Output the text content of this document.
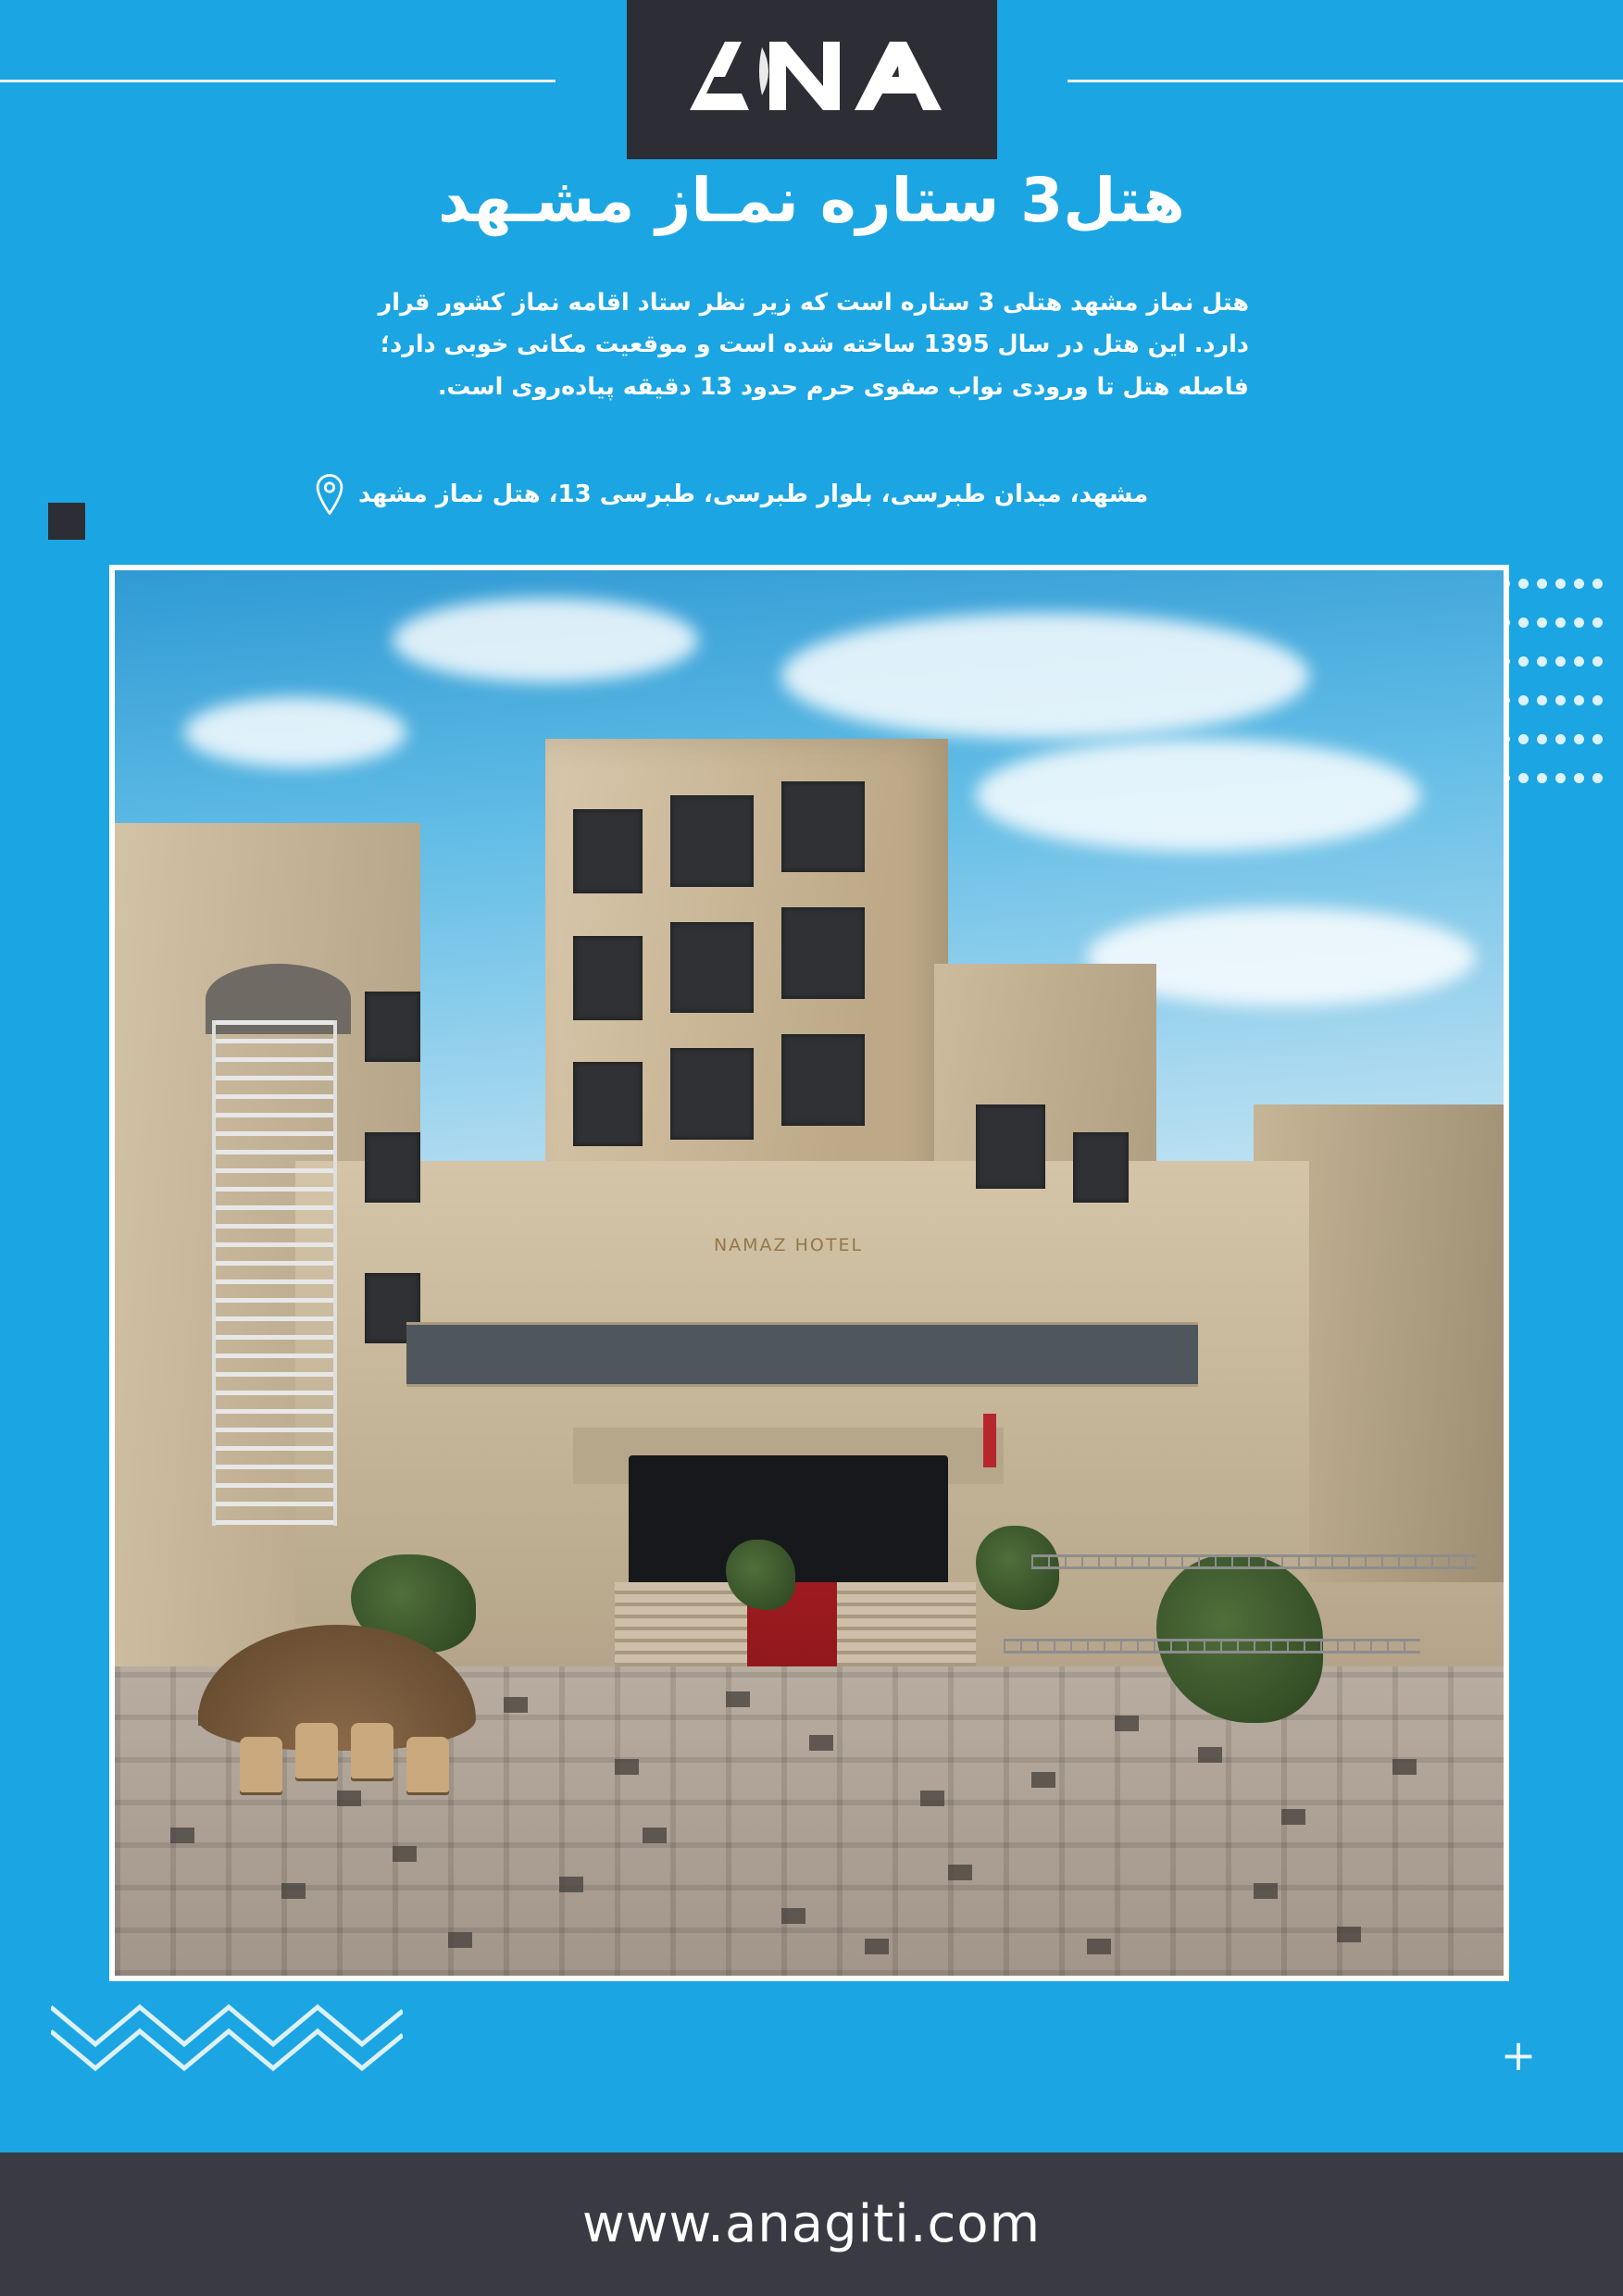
هتل3 ستاره نمـاز مشـهد
هتل نماز مشهد هتلی 3 ستاره است که زیر نظر ستاد اقامه نماز کشور قرار دارد. این هتل در سال 1395 ساخته شده است و موقعیت مکانی خوبی دارد؛ فاصله هتل تا ورودی نواب صفوی حرم حدود 13 دقیقه پیاده‌روی است.
مشهد، میدان طبرسی، بلوار طبرسی، طبرسی 13، هتل نماز مشهد
NAMAZ HOTEL
+
www.anagiti.com
